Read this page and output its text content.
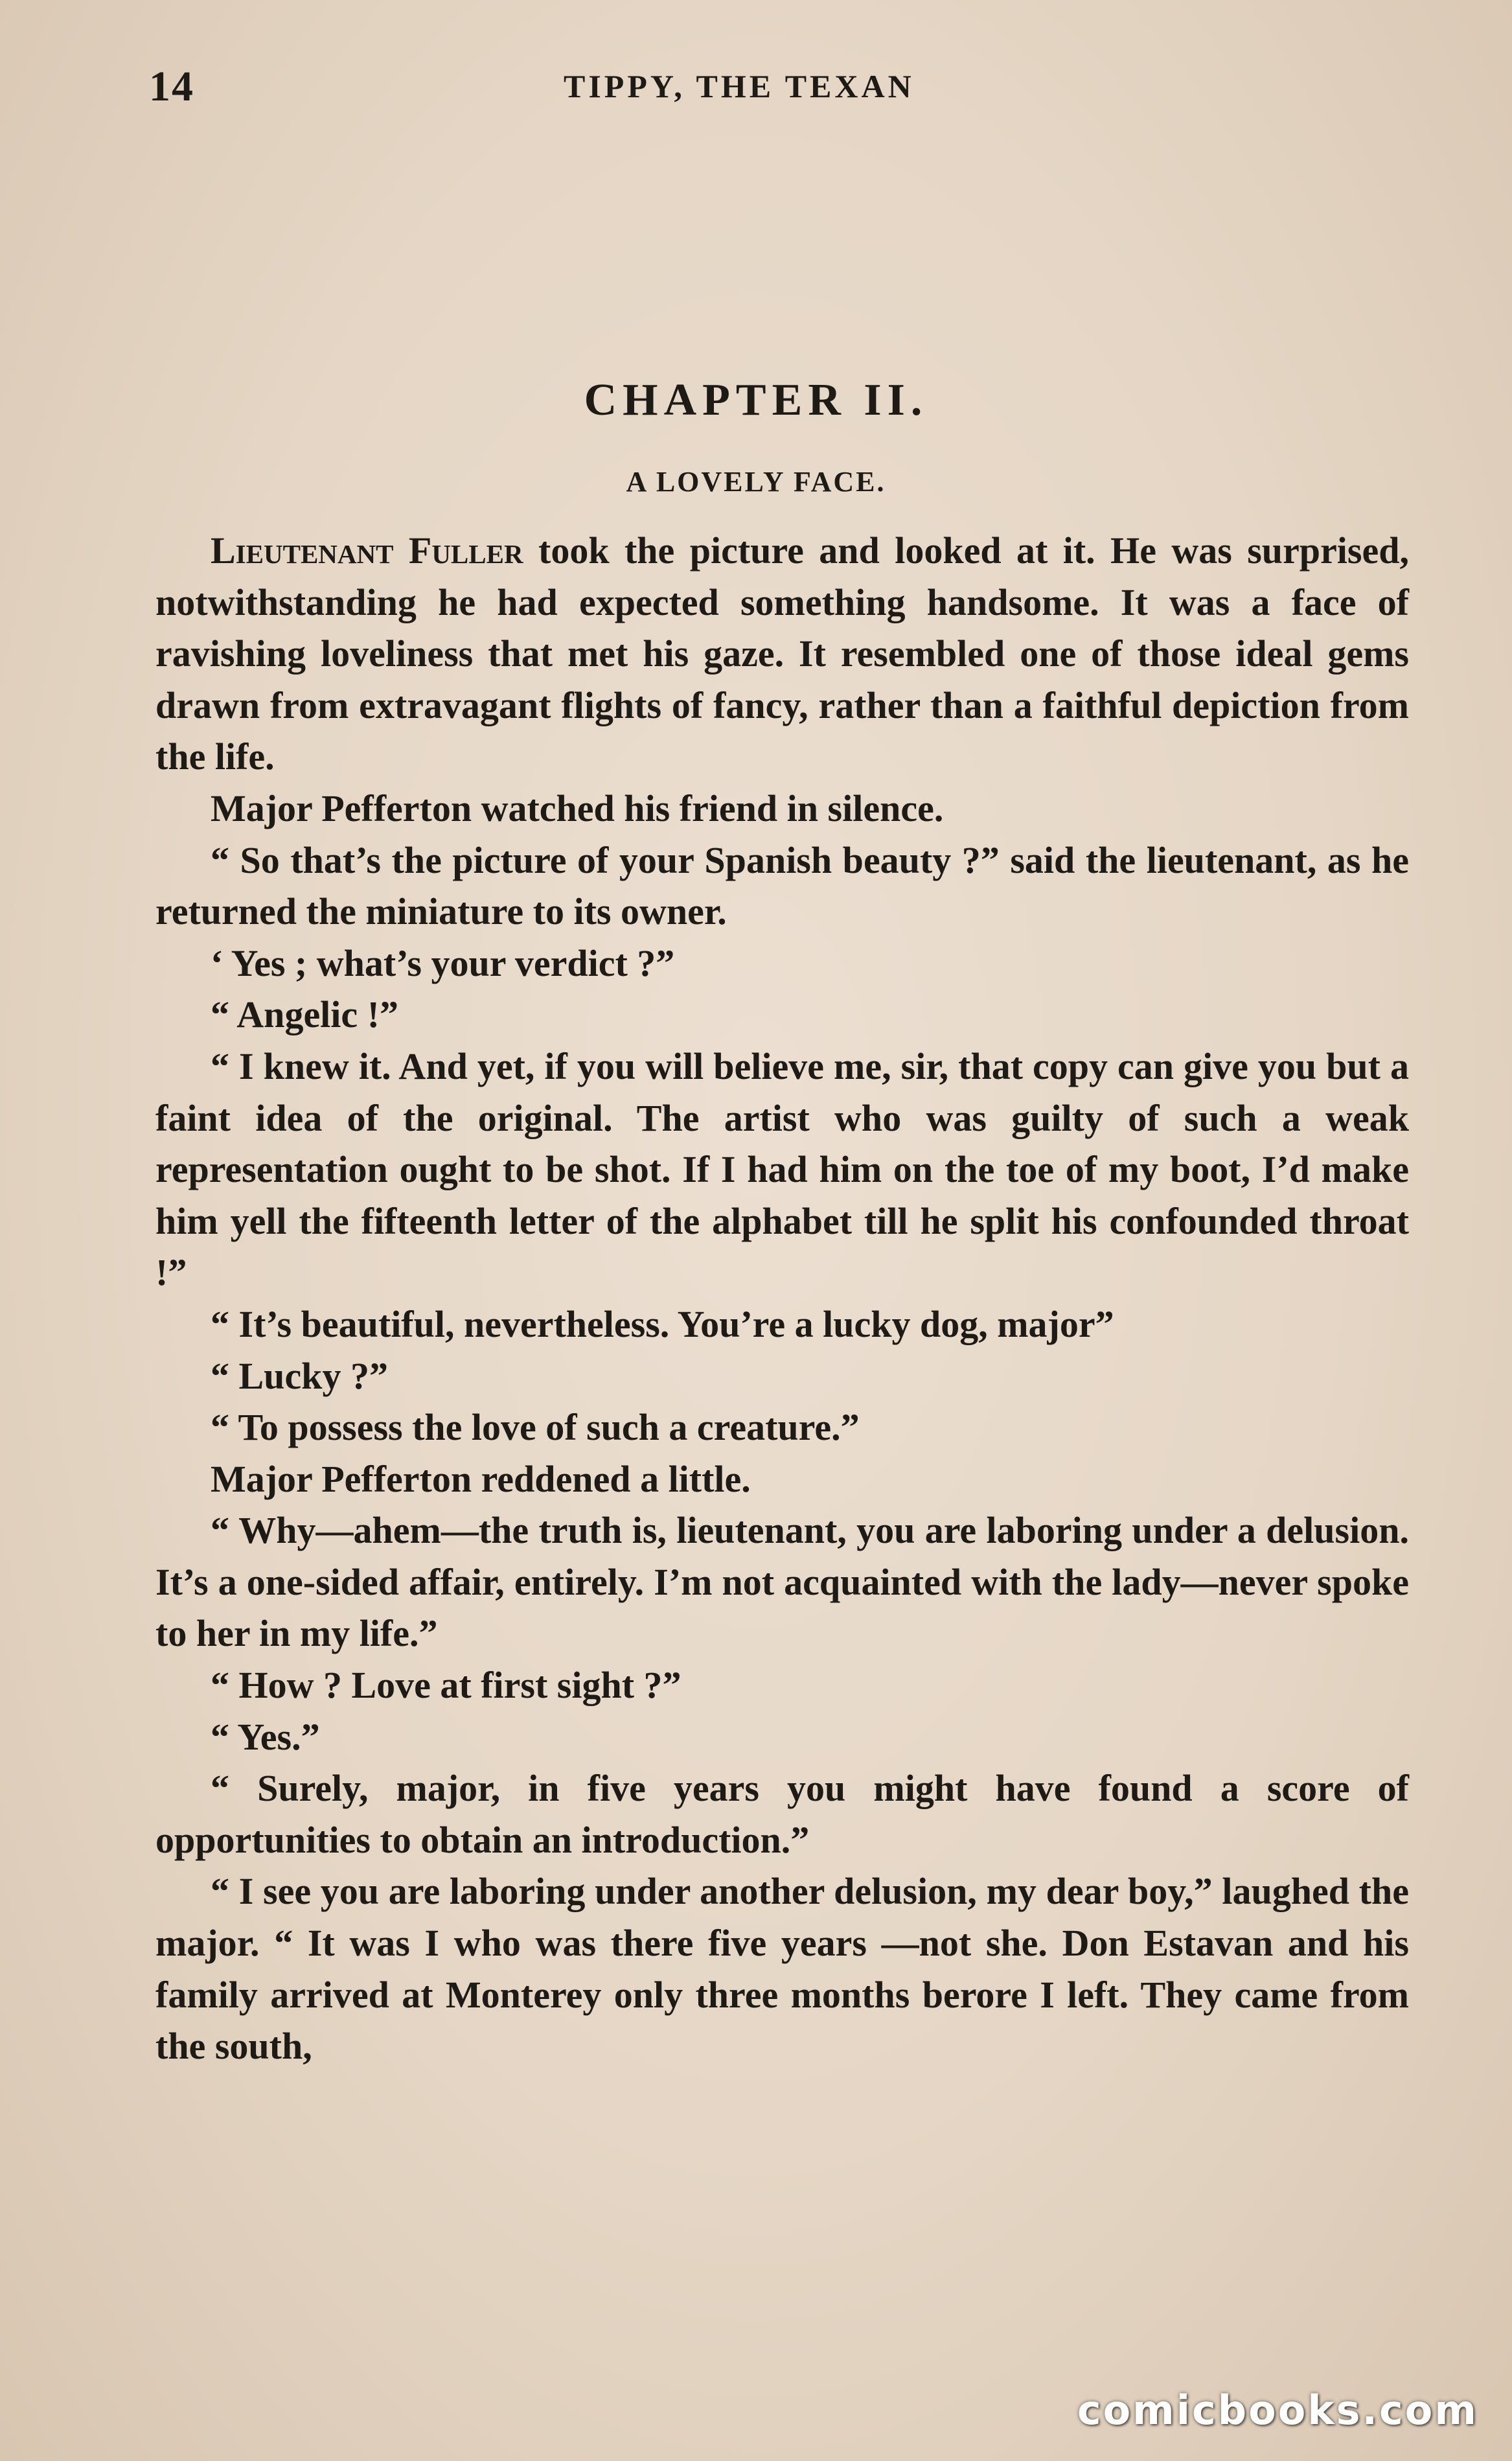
14	TIPPY, THE TEXAN
CHAPTER II.
A LOVELY FACE.

Lieutenant Fuller took the picture and looked at it. He was surprised, notwithstanding he had expected something handsome. It was a face of ravishing loveliness that met his gaze. It resembled one of those ideal gems drawn from extravagant flights of fancy, rather than a faithful depiction from the life.

Major Pefferton watched his friend in silence.

“ So that’s the picture of your Spanish beauty ?” said the lieutenant, as he returned the miniature to its owner.

‘ Yes ; what’s your verdict ?”

“ Angelic !”

“ I knew it. And yet, if you will believe me, sir, that copy can give you but a faint idea of the original. The artist who was guilty of such a weak representation ought to be shot. If I had him on the toe of my boot, I’d make him yell the fifteenth letter of the alphabet till he split his confounded throat !”

“ It’s beautiful, nevertheless. You’re a lucky dog, major”

“ Lucky ?”

“ To possess the love of such a creature.”

Major Pefferton reddened a little.

“ Why—ahem—the truth is, lieutenant, you are laboring under a delusion. It’s a one-sided affair, entirely. I’m not acquainted with the lady—never spoke to her in my life.”

“ How ? Love at first sight ?”

“ Yes.”

“ Surely, major, in five years you might have found a score of opportunities to obtain an introduction.”

“ I see you are laboring under another delusion, my dear boy,” laughed the major. “ It was I who was there five years —not she. Don Estavan and his family arrived at Monterey only three months berore I left. They came from the south,

comicbooks.com
